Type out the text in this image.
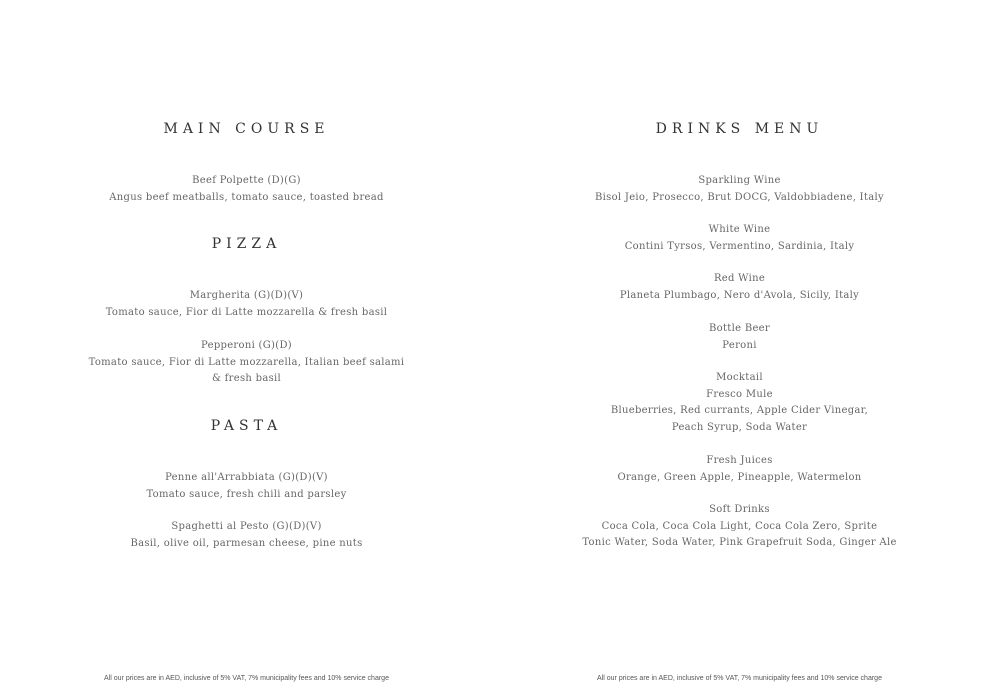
MAIN COURSE
Beef Polpette (D)(G)
Angus beef meatballs, tomato sauce, toasted bread
PIZZA
Margherita (G)(D)(V)
Tomato sauce, Fior di Latte mozzarella & fresh basil
Pepperoni (G)(D)
Tomato sauce, Fior di Latte mozzarella, Italian beef salami
& fresh basil
PASTA
Penne all'Arrabbiata (G)(D)(V)
Tomato sauce, fresh chili and parsley
Spaghetti al Pesto (G)(D)(V)
Basil, olive oil, parmesan cheese, pine nuts
All our prices are in AED, inclusive of 5% VAT, 7% municipality fees and 10% service charge
DRINKS MENU
Sparkling Wine
Bisol Jeio, Prosecco, Brut DOCG, Valdobbiadene, Italy
White Wine
Contini Tyrsos, Vermentino, Sardinia, Italy
Red Wine
Planeta Plumbago, Nero d'Avola, Sicily, Italy
Bottle Beer
Peroni
Mocktail
Fresco Mule
Blueberries, Red currants, Apple Cider Vinegar,
Peach Syrup, Soda Water
Fresh Juices
Orange, Green Apple, Pineapple, Watermelon
Soft Drinks
Coca Cola, Coca Cola Light, Coca Cola Zero, Sprite
Tonic Water, Soda Water, Pink Grapefruit Soda, Ginger Ale
All our prices are in AED, inclusive of 5% VAT, 7% municipality fees and 10% service charge
